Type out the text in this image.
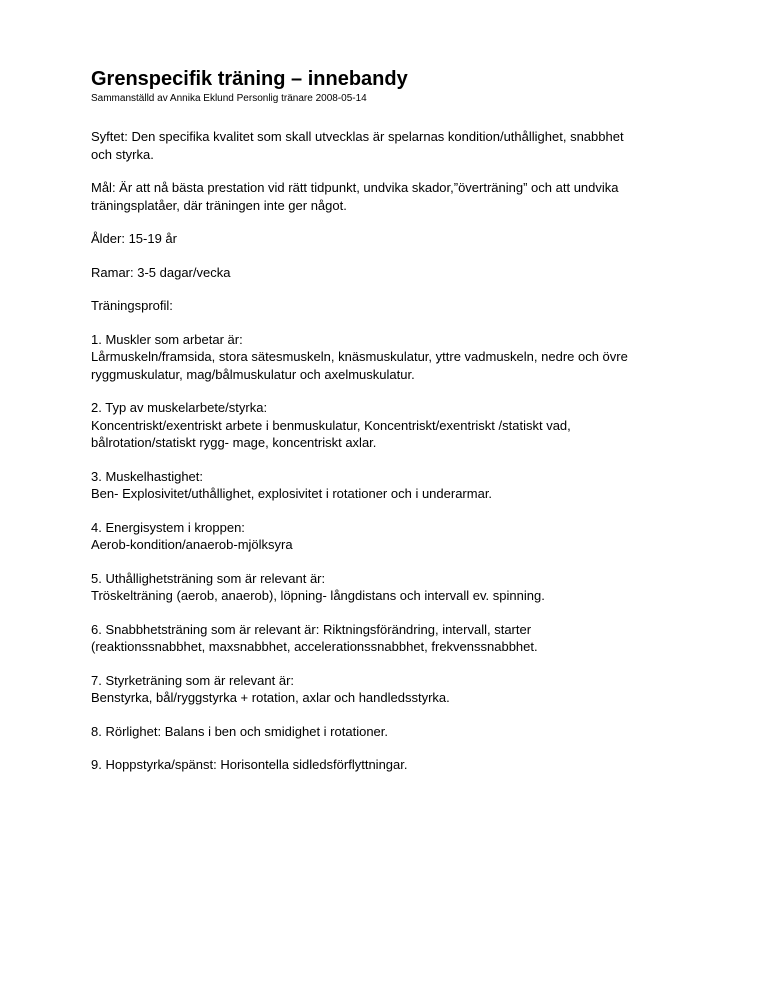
Grenspecifik träning – innebandy

Sammanställd av Annika Eklund Personlig tränare 2008-05-14

Syftet: Den specifika kvalitet som skall utvecklas är spelarnas kondition/uthållighet, snabbhet
och styrka.

Mål: Är att nå bästa prestation vid rätt tidpunkt, undvika skador,”överträning” och att undvika
träningsplatåer, där träningen inte ger något.

Ålder: 15-19 år

Ramar: 3-5 dagar/vecka

Träningsprofil:

1. Muskler som arbetar är:
Lårmuskeln/framsida, stora sätesmuskeln, knäsmuskulatur, yttre vadmuskeln, nedre och övre
ryggmuskulatur, mag/bålmuskulatur och axelmuskulatur.

2. Typ av muskelarbete/styrka:
Koncentriskt/exentriskt arbete i benmuskulatur, Koncentriskt/exentriskt /statiskt vad,
bålrotation/statiskt rygg- mage, koncentriskt axlar.

3. Muskelhastighet:
Ben- Explosivitet/uthållighet, explosivitet i rotationer och i underarmar.

4. Energisystem i kroppen:
Aerob-kondition/anaerob-mjölksyra

5. Uthållighetsträning som är relevant är:
Tröskelträning (aerob, anaerob), löpning- långdistans och intervall ev. spinning.

6. Snabbhetsträning som är relevant är: Riktningsförändring, intervall, starter
(reaktionssnabbhet, maxsnabbhet, accelerationssnabbhet, frekvenssnabbhet.

7. Styrketräning som är relevant är:
Benstyrka, bål/ryggstyrka + rotation, axlar och handledsstyrka.

8. Rörlighet: Balans i ben och smidighet i rotationer.

9. Hoppstyrka/spänst: Horisontella sidledsförflyttningar.
